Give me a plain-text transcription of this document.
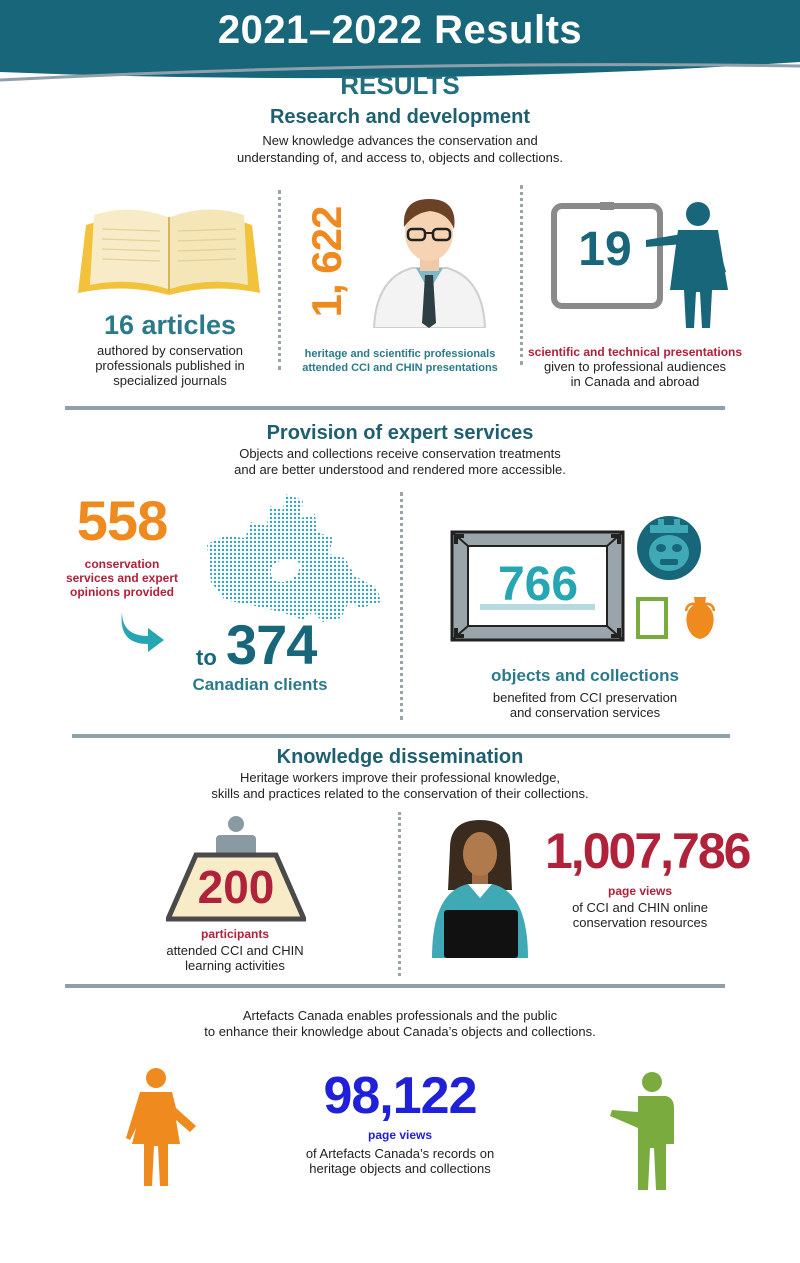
2021–2022 Results
RESULTS
Research and development
New knowledge advances the conservation and
understanding of, and access to, objects and collections.
16 articles
authored by conservation
professionals published in
specialized journals
1, 622
heritage and scientific professionals
attended CCI and CHIN presentations
19
scientific and technical presentations
given to professional audiences
in Canada and abroad
Provision of expert services
Objects and collections receive conservation treatments
and are better understood and rendered more accessible.
558
conservation
services and expert
opinions provided
to 374
Canadian clients
766
objects and collections
benefited from CCI preservation
and conservation services
Knowledge dissemination
Heritage workers improve their professional knowledge,
skills and practices related to the conservation of their collections.
200
participants
attended CCI and CHIN
learning activities
1,007,786
page views
of CCI and CHIN online
conservation resources
Artefacts Canada enables professionals and the public
to enhance their knowledge about Canada’s objects and collections.
98,122
page views
of Artefacts Canada’s records on
heritage objects and collections
